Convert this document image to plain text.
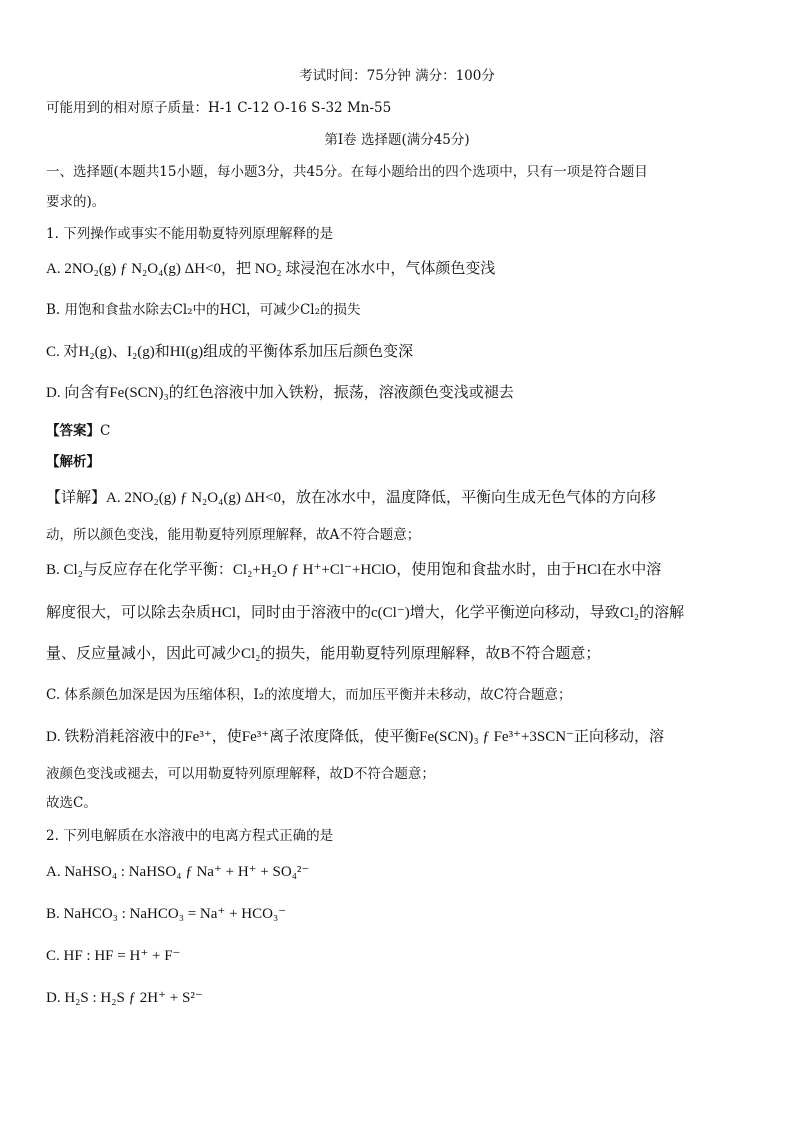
考试时间：75分钟 满分：100分
可能用到的相对原子质量：H-1 C-12 O-16 S-32 Mn-55
第Ⅰ卷 选择题(满分45分)
一、选择题(本题共15小题，每小题3分，共45分。在每小题给出的四个选项中，只有一项是符合题目
要求的)。
1. 下列操作或事实不能用勒夏特列原理解释的是
A. 2NO₂(g) ƒ N₂O₄(g) ΔH<0，把 NO₂ 球浸泡在冰水中，气体颜色变浅
B. 用饱和食盐水除去Cl₂中的HCl，可减少Cl₂的损失
C. 对H₂(g)、I₂(g)和HI(g)组成的平衡体系加压后颜色变深
D. 向含有Fe(SCN)₃的红色溶液中加入铁粉，振荡，溶液颜色变浅或褪去
【答案】C
【解析】
【详解】A. 2NO₂(g) ƒ N₂O₄(g) ΔH<0，放在冰水中，温度降低，平衡向生成无色气体的方向移
动，所以颜色变浅，能用勒夏特列原理解释，故A不符合题意；
B. Cl₂与反应存在化学平衡：Cl₂+H₂O ƒ H⁺+Cl⁻+HClO，使用饱和食盐水时，由于HCl在水中溶
解度很大，可以除去杂质HCl，同时由于溶液中的c(Cl⁻)增大，化学平衡逆向移动，导致Cl₂的溶解
量、反应量减小，因此可减少Cl₂的损失，能用勒夏特列原理解释，故B不符合题意；
C. 体系颜色加深是因为压缩体积，I₂的浓度增大，而加压平衡并未移动，故C符合题意；
D. 铁粉消耗溶液中的Fe³⁺，使Fe³⁺离子浓度降低，使平衡Fe(SCN)₃ ƒ Fe³⁺+3SCN⁻正向移动，溶
液颜色变浅或褪去，可以用勒夏特列原理解释，故D不符合题意；
故选C。
2. 下列电解质在水溶液中的电离方程式正确的是
A. NaHSO₄ : NaHSO₄ ƒ Na⁺ + H⁺ + SO₄²⁻
B. NaHCO₃ : NaHCO₃ = Na⁺ + HCO₃⁻
C. HF : HF = H⁺ + F⁻
D. H₂S : H₂S ƒ 2H⁺ + S²⁻
